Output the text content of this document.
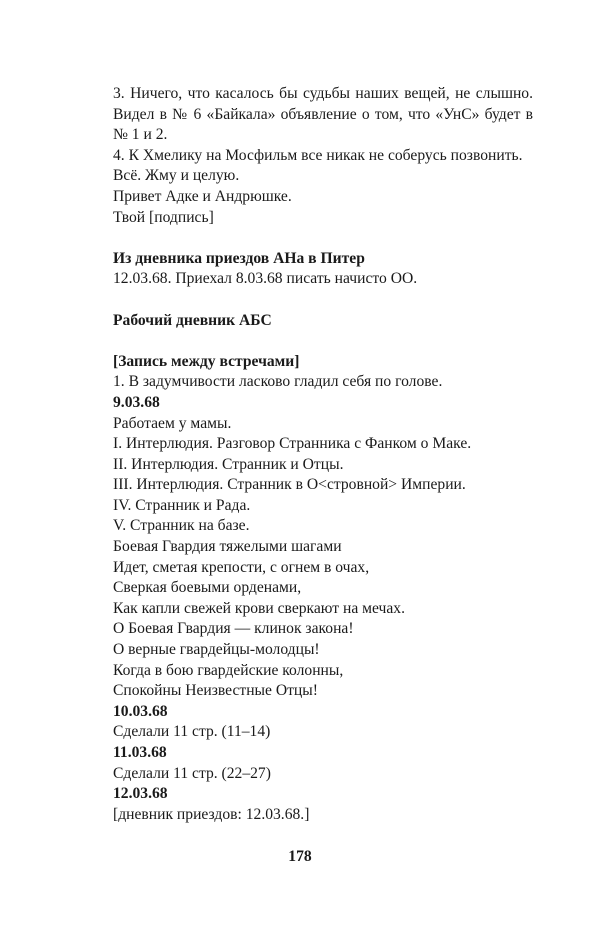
3. Ничего, что касалось бы судьбы наших вещей, не слышно. Видел в № 6 «Байкала» объявление о том, что «УнС» будет в № 1 и 2.

4. К Хмелику на Мосфильм все никак не соберусь позвонить.

Всё. Жму и целую.

Привет Адке и Андрюшке.

Твой [подпись]

Из дневника приездов АНа в Питер

12.03.68. Приехал 8.03.68 писать начисто ОО.

Рабочий дневник АБС

[Запись между встречами]

1. В задумчивости ласково гладил себя по голове.

9.03.68

Работаем у мамы.

I. Интерлюдия. Разговор Странника с Фанком о Маке.

II. Интерлюдия. Странник и Отцы.

III. Интерлюдия. Странник в О<стровной> Империи.

IV. Странник и Рада.

V. Странник на базе.

Боевая Гвардия тяжелыми шагами

Идет, сметая крепости, с огнем в очах,

Сверкая боевыми орденами,

Как капли свежей крови сверкают на мечах.

О Боевая Гвардия — клинок закона!

О верные гвардейцы-молодцы!

Когда в бою гвардейские колонны,

Спокойны Неизвестные Отцы!

10.03.68

Сделали 11 стр. (11–14)

11.03.68

Сделали 11 стр. (22–27)

12.03.68

[дневник приездов: 12.03.68.]

178
